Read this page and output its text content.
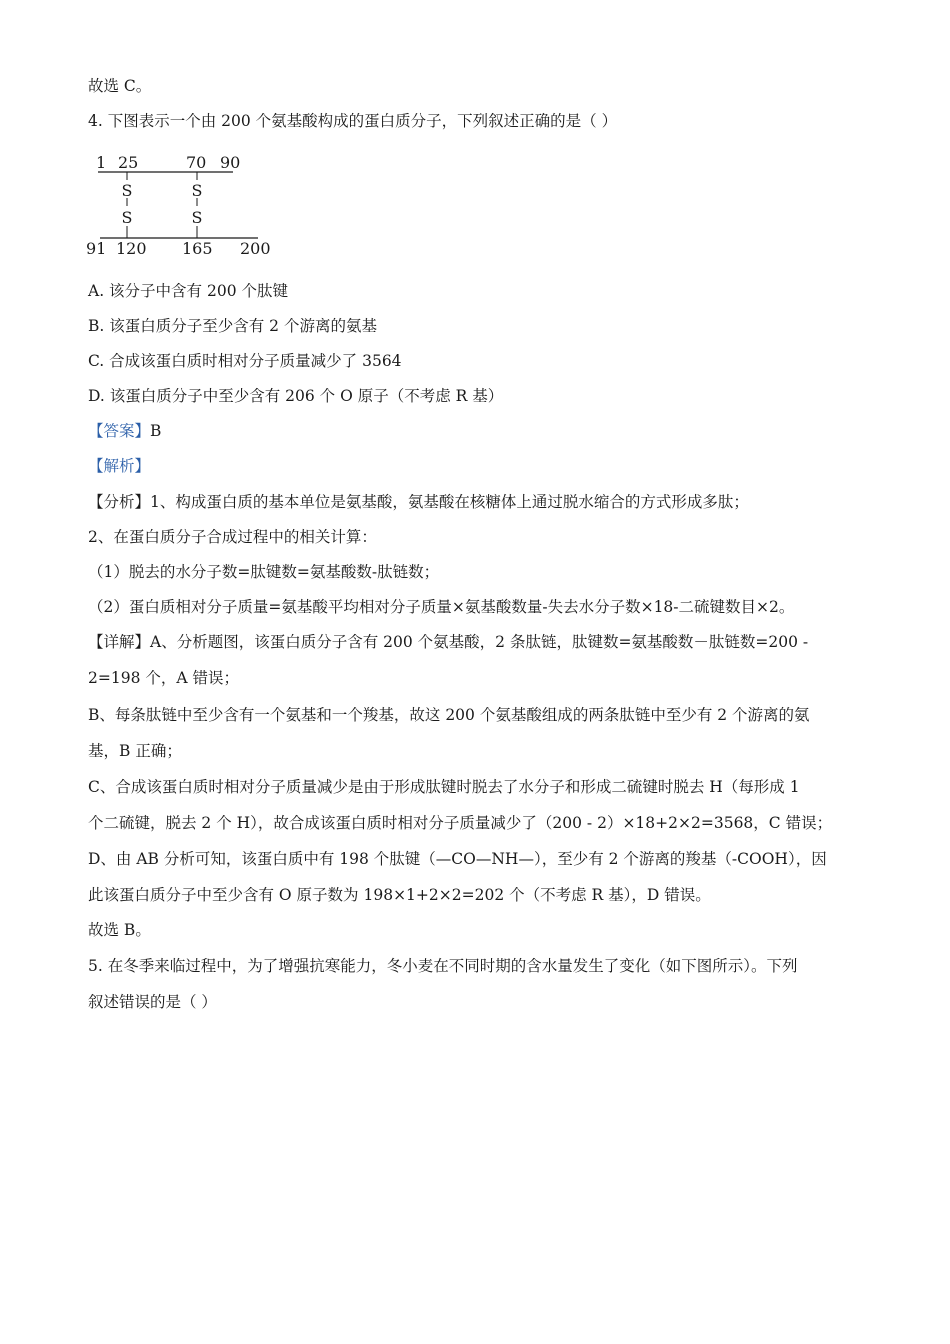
故选 C。
4. 下图表示一个由 200 个氨基酸构成的蛋白质分子，下列叙述正确的是（ ）
1 25	70 90
91 120 165 200
S
S
S
S
A. 该分子中含有 200 个肽键
B. 该蛋白质分子至少含有 2 个游离的氨基
C. 合成该蛋白质时相对分子质量减少了 3564
D. 该蛋白质分子中至少含有 206 个 O 原子（不考虑 R 基）
【答案】B
【解析】
【分析】1、构成蛋白质的基本单位是氨基酸，氨基酸在核糖体上通过脱水缩合的方式形成多肽；
2、在蛋白质分子合成过程中的相关计算：
（1）脱去的水分子数=肽键数=氨基酸数-肽链数；
（2）蛋白质相对分子质量=氨基酸平均相对分子质量×氨基酸数量-失去水分子数×18-二硫键数目×2。
【详解】A、分析题图，该蛋白质分子含有 200 个氨基酸，2 条肽链，肽键数=氨基酸数－肽链数=200 -
2=198 个，A 错误；
B、每条肽链中至少含有一个氨基和一个羧基，故这 200 个氨基酸组成的两条肽链中至少有 2 个游离的氨
基，B 正确；
C、合成该蛋白质时相对分子质量减少是由于形成肽键时脱去了水分子和形成二硫键时脱去 H（每形成 1
个二硫键，脱去 2 个 H），故合成该蛋白质时相对分子质量减少了（200 - 2）×18+2×2=3568，C 错误；
D、由 AB 分析可知，该蛋白质中有 198 个肽键（—CO—NH—），至少有 2 个游离的羧基（-COOH），因
此该蛋白质分子中至少含有 O 原子数为 198×1+2×2=202 个（不考虑 R 基），D 错误。
故选 B。
5. 在冬季来临过程中，为了增强抗寒能力，冬小麦在不同时期的含水量发生了变化（如下图所示）。下列
叙述错误的是（ ）
